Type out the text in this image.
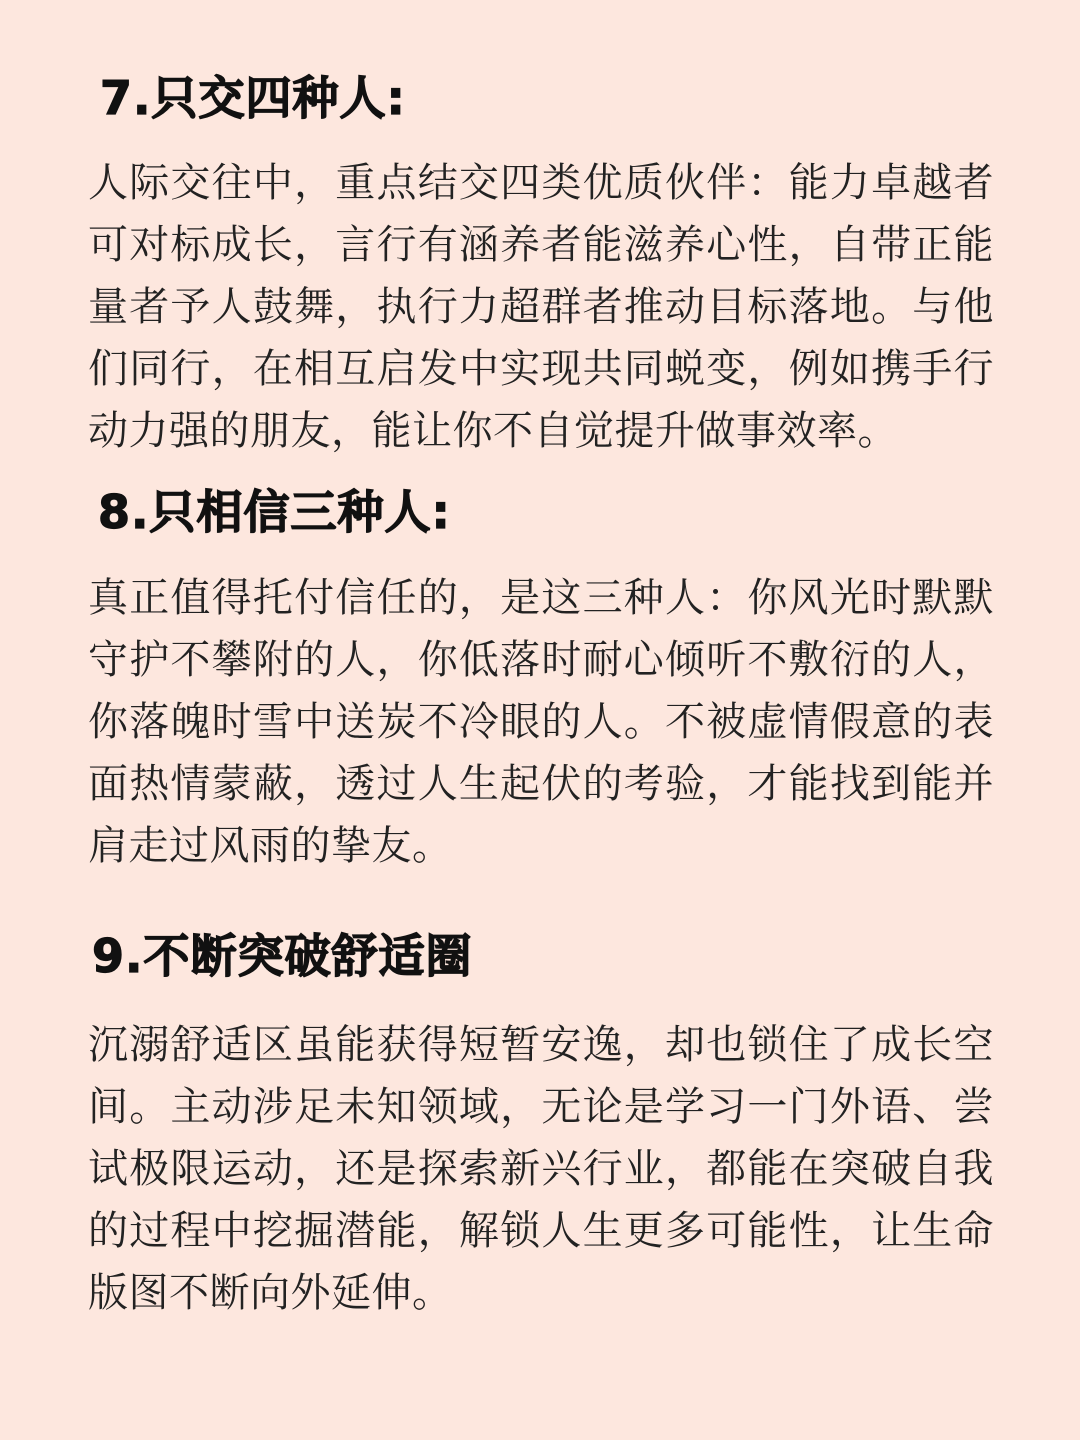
7.只交四种人:

人际交往中，重点结交四类优质伙伴：能力卓越者可对标成长，言行有涵养者能滋养心性，自带正能量者予人鼓舞，执行力超群者推动目标落地。与他们同行，在相互启发中实现共同蜕变，例如携手行动力强的朋友，能让你不自觉提升做事效率。

8.只相信三种人:

真正值得托付信任的，是这三种人：你风光时默默守护不攀附的人，你低落时耐心倾听不敷衍的人，你落魄时雪中送炭不冷眼的人。不被虚情假意的表面热情蒙蔽，透过人生起伏的考验，才能找到能并肩走过风雨的挚友。

9.不断突破舒适圈

沉溺舒适区虽能获得短暂安逸，却也锁住了成长空间。主动涉足未知领域，无论是学习一门外语、尝试极限运动，还是探索新兴行业，都能在突破自我的过程中挖掘潜能，解锁人生更多可能性，让生命版图不断向外延伸。
